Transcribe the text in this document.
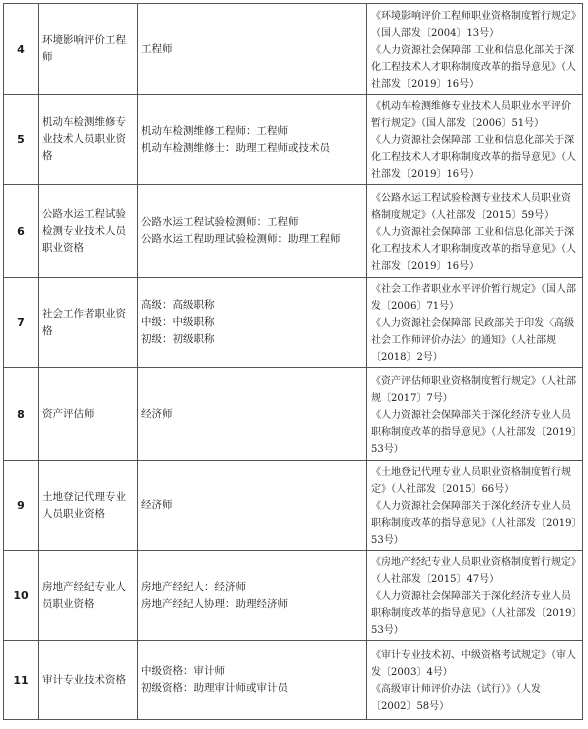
4	环境影响评价工程师	工程师	《环境影响评价工程师职业资格制度暂行规定》（国人部发〔2004〕13号）
《人力资源社会保障部 工业和信息化部关于深化工程技术人才职称制度改革的指导意见》（人社部发〔2019〕16号）

5	机动车检测维修专业技术人员职业资格	机动车检测维修工程师：工程师
机动车检测维修士：助理工程师或技术员	《机动车检测维修专业技术人员职业水平评价暂行规定》（国人部发〔2006〕51号）
《人力资源社会保障部 工业和信息化部关于深化工程技术人才职称制度改革的指导意见》（人社部发〔2019〕16号）

6	公路水运工程试验检测专业技术人员职业资格	公路水运工程试验检测师：工程师
公路水运工程助理试验检测师：助理工程师	《公路水运工程试验检测专业技术人员职业资格制度规定》（人社部发〔2015〕59号）
《人力资源社会保障部 工业和信息化部关于深化工程技术人才职称制度改革的指导意见》（人社部发〔2019〕16号）

7	社会工作者职业资格	高级：高级职称
中级：中级职称
初级：初级职称	《社会工作者职业水平评价暂行规定》（国人部发〔2006〕71号）
《人力资源社会保障部 民政部关于印发〈高级社会工作师评价办法〉的通知》（人社部规〔2018〕2号）

8	资产评估师	经济师	《资产评估师职业资格制度暂行规定》（人社部规〔2017〕7号）
《人力资源社会保障部关于深化经济专业人员职称制度改革的指导意见》（人社部发〔2019〕53号）

9	土地登记代理专业人员职业资格	经济师	《土地登记代理专业人员职业资格制度暂行规定》（人社部发〔2015〕66号）
《人力资源社会保障部关于深化经济专业人员职称制度改革的指导意见》（人社部发〔2019〕53号）

10	房地产经纪专业人员职业资格	房地产经纪人：经济师
房地产经纪人协理：助理经济师	《房地产经纪专业人员职业资格制度暂行规定》（人社部发〔2015〕47号）
《人力资源社会保障部关于深化经济专业人员职称制度改革的指导意见》（人社部发〔2019〕53号）

11	审计专业技术资格	中级资格：审计师
初级资格：助理审计师或审计员	《审计专业技术初、中级资格考试规定》（审人发〔2003〕4号）
《高级审计师评价办法（试行）》（人发〔2002〕58号）
